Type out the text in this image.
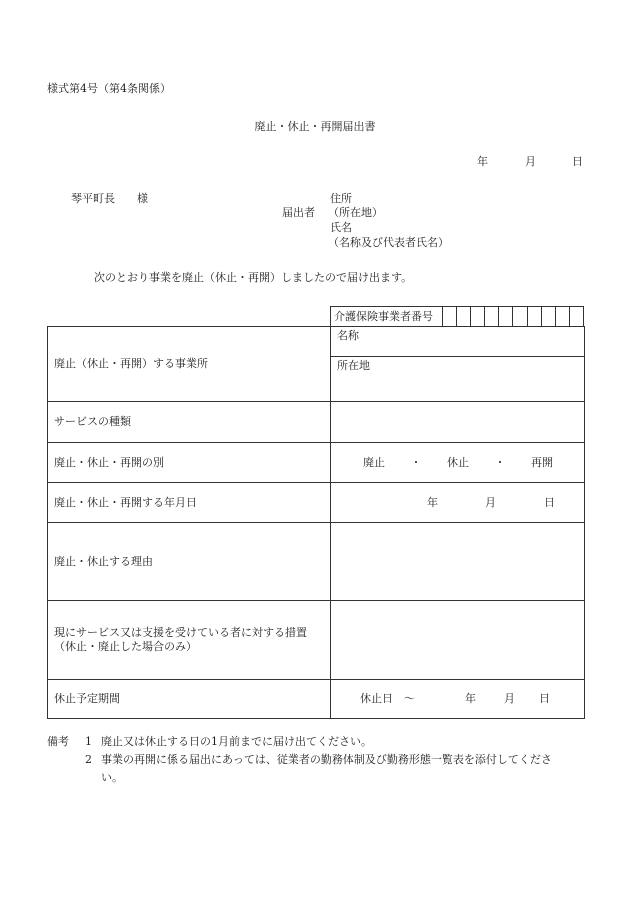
様式第4号（第4条関係）
廃止・休止・再開届出書
年	月	日
琴平町長　　様
届出者
住所
（所在地）
氏名
（名称及び代表者氏名）
次のとおり事業を廃止（休止・再開）しましたので届け出ます。
介護保険事業者番号
廃止（休止・再開）する事業所	名称
所在地

サービスの種類	
廃止・休止・再開の別	廃止 ・ 休止 ・ 再開

廃止・休止・再開する年月日	年 月 日

廃止・休止する理由	

現にサービス又は支援を受けている者に対する措置
（休止・廃止した場合のみ）	

休止予定期間	休止日　～ 年 月 日
備考	1 廃止又は休止する日の1月前までに届け出てください。
2 事業の再開に係る届出にあっては、従業者の勤務体制及び勤務形態一覧表を添付してくださ
い。
